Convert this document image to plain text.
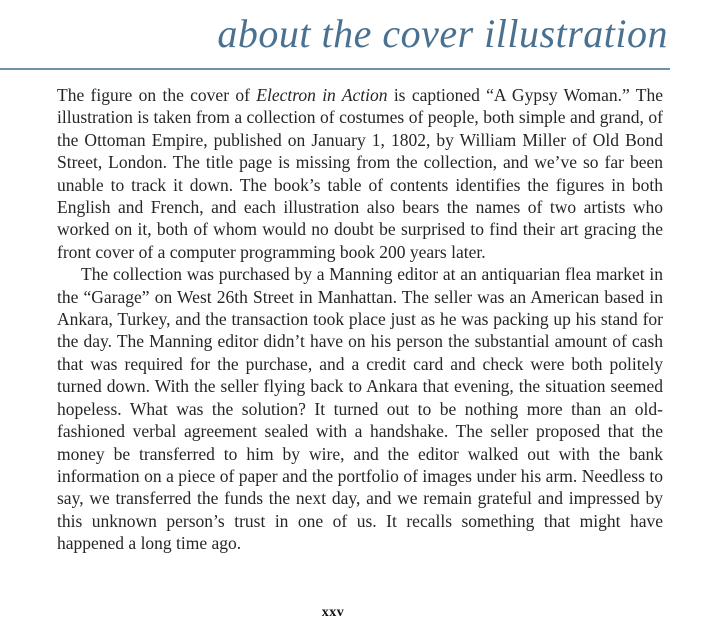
about the cover illustration

The figure on the cover of Electron in Action is captioned “A Gypsy Woman.” The illustration is taken from a collection of costumes of people, both simple and grand, of the Ottoman Empire, published on January 1, 1802, by William Miller of Old Bond Street, London. The title page is missing from the collection, and we’ve so far been unable to track it down. The book’s table of contents identifies the figures in both English and French, and each illustration also bears the names of two artists who worked on it, both of whom would no doubt be surprised to find their art gracing the front cover of a computer programming book 200 years later.

The collection was purchased by a Manning editor at an antiquarian flea market in the “Garage” on West 26th Street in Manhattan. The seller was an American based in Ankara, Turkey, and the transaction took place just as he was packing up his stand for the day. The Manning editor didn’t have on his person the substantial amount of cash that was required for the purchase, and a credit card and check were both politely turned down. With the seller flying back to Ankara that evening, the situation seemed hopeless. What was the solution? It turned out to be nothing more than an old-fashioned verbal agreement sealed with a handshake. The seller proposed that the money be transferred to him by wire, and the editor walked out with the bank information on a piece of paper and the portfolio of images under his arm. Needless to say, we transferred the funds the next day, and we remain grateful and impressed by this unknown person’s trust in one of us. It recalls something that might have happened a long time ago.

xxv
